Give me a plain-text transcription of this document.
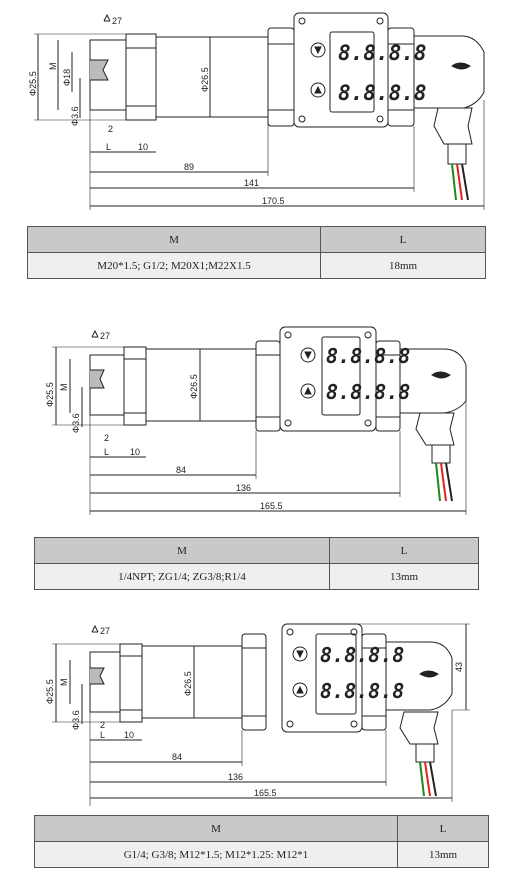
8.8.8.8
8.8.8.8
27
Φ25.5
M
Φ18	Φ26.5
Φ3.6
2
L	10
89
141
170.5
M	L
M20*1.5; G1/2; M20X1;M22X1.5	18mm
8.8.8.8
8.8.8.8
27
Φ25.5 M	Φ26.5
Φ3.6
2
L 10
84
136
165.5
M	L
1/4NPT; ZG1/4; ZG3/8;R1/4	13mm
8.8.8.8
8.8.8.8
27
Φ25.5 M	Φ26.5
Φ3.6
43
2
L 10
84
136
165.5
M	L
G1/4; G3/8; M12*1.5; M12*1.25: M12*1	13mm
